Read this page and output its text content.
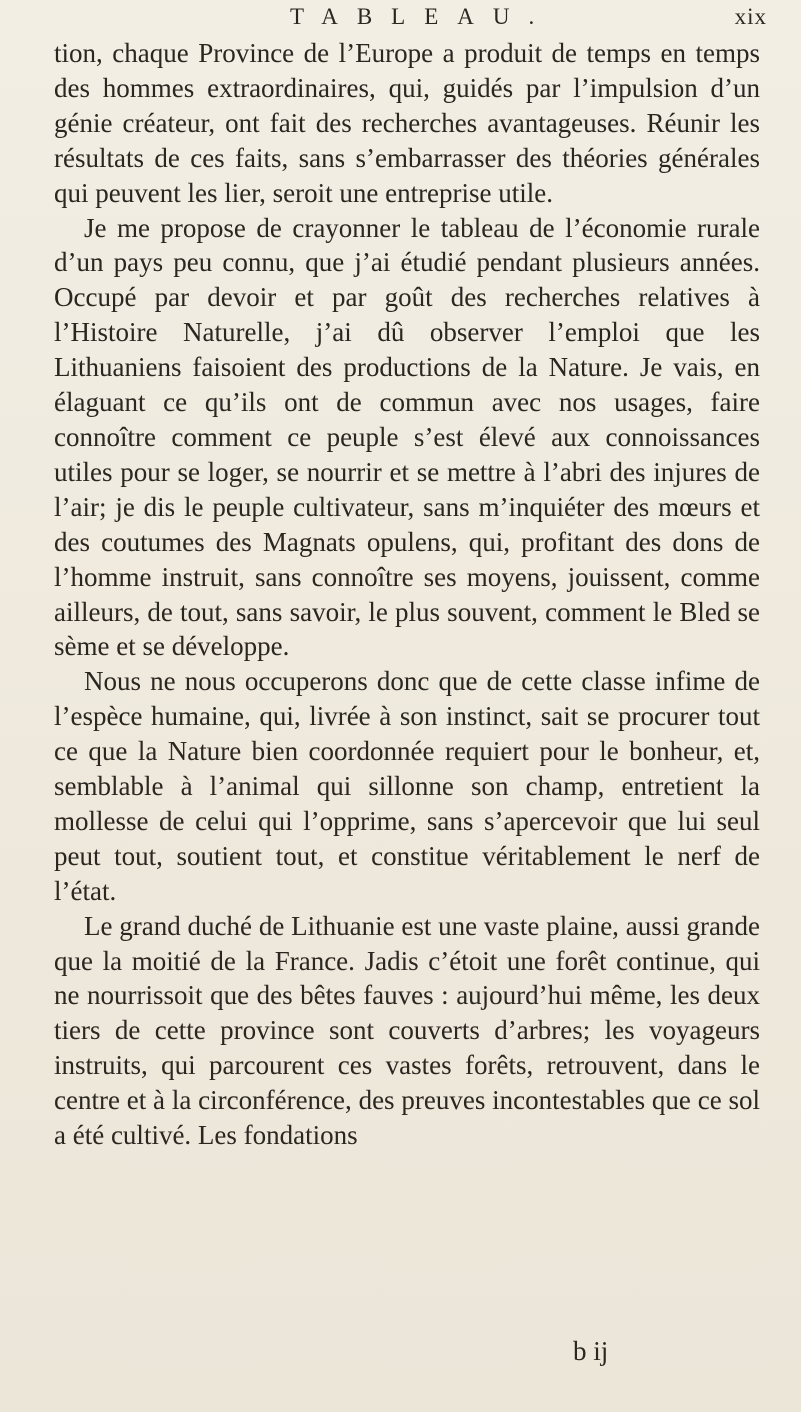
TABLEAU.	xix

tion, chaque Province de l’Europe a produit de temps en temps des hommes extraordinaires, qui, guidés par l’impulsion d’un génie créateur, ont fait des recherches avantageuses. Réunir les résultats de ces faits, sans s’embarrasser des théories générales qui peuvent les lier, seroit une entreprise utile.

Je me propose de crayonner le tableau de l’économie rurale d’un pays peu connu, que j’ai étudié pendant plusieurs années. Occupé par devoir et par goût des recherches relatives à l’Histoire Naturelle, j’ai dû observer l’emploi que les Lithuaniens faisoient des productions de la Nature. Je vais, en élaguant ce qu’ils ont de commun avec nos usages, faire connoître comment ce peuple s’est élevé aux connoissances utiles pour se loger, se nourrir et se mettre à l’abri des injures de l’air; je dis le peuple cultivateur, sans m’inquiéter des mœurs et des coutumes des Magnats opulens, qui, profitant des dons de l’homme instruit, sans connoître ses moyens, jouissent, comme ailleurs, de tout, sans savoir, le plus souvent, comment le Bled se sème et se développe.

Nous ne nous occuperons donc que de cette classe infime de l’espèce humaine, qui, livrée à son instinct, sait se procurer tout ce que la Nature bien coordonnée requiert pour le bonheur, et, semblable à l’animal qui sillonne son champ, entretient la mollesse de celui qui l’opprime, sans s’apercevoir que lui seul peut tout, soutient tout, et constitue véritablement le nerf de l’état.

Le grand duché de Lithuanie est une vaste plaine, aussi grande que la moitié de la France. Jadis c’étoit une forêt continue, qui ne nourrissoit que des bêtes fauves : aujourd’hui même, les deux tiers de cette province sont couverts d’arbres; les voyageurs instruits, qui parcourent ces vastes forêts, retrouvent, dans le centre et à la circonférence, des preuves incontestables que ce sol a été cultivé. Les fondations

b ij
